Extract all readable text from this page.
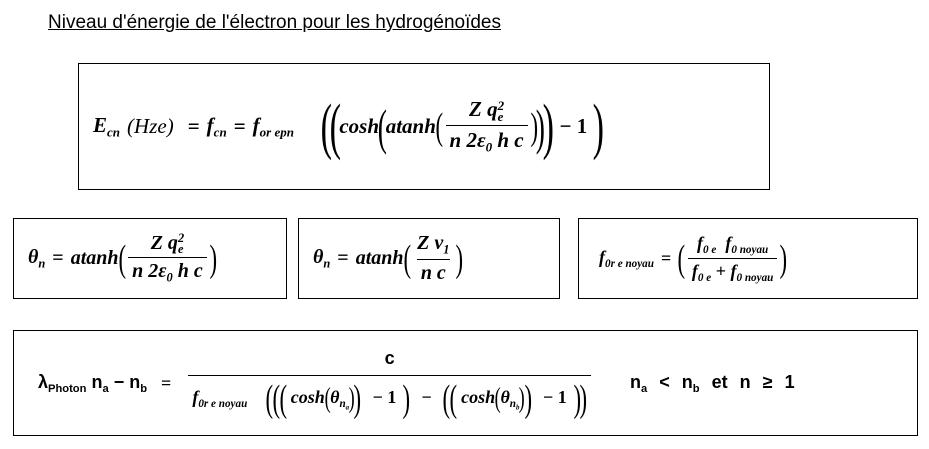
Niveau d'énergie de l'électron pour les hydrogénoïdes
$E_{cn}$ $(Hze) = f_{cn} = f_{or epn}$ (
(
cosh
(
atanh ( Z q 2
e
n $2\varepsilon_0$ h c )
)
) − 1 )
$\theta_n = atanh$ ( Z q 2
e
n $2\varepsilon_0$ h c )	$\theta_n = atanh$ ( $\frac{Z v_1}{\text{n c}}$ )	$f_{0r e noyau}$ = ( $\frac{f_{0 e} f_{0 noyau}}{f_{0 e} + f_{0 noyau}}$ )
$\lambda_{Photon}$ $n_a - n_b$ =
c
$f_{0r e noyau}$ ((( $\cosh(\theta_{n_a})) - 1$ ) − (( $\cosh(\theta_{n_b})) - 1$ )) $n_a < n_b$ et n ≥ 1
